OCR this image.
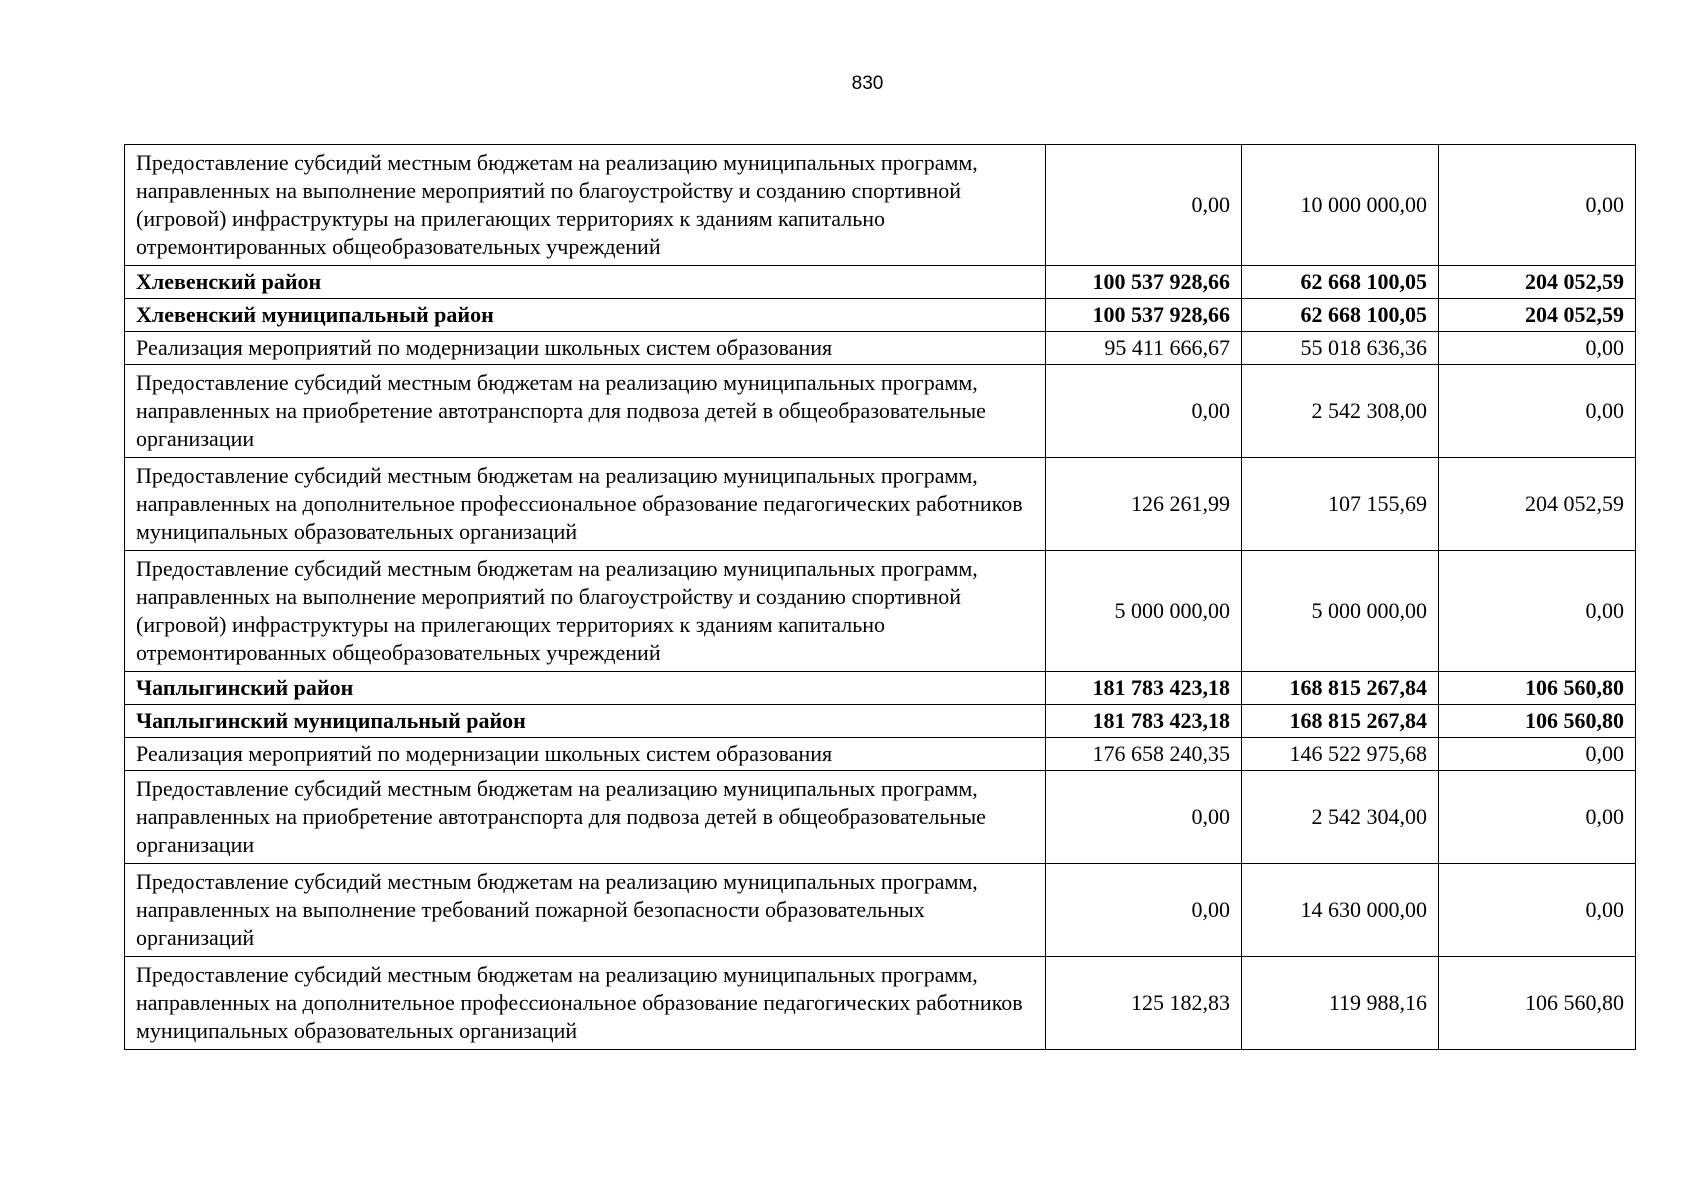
830
Предоставление субсидий местным бюджетам на реализацию муниципальных программ, направленных на выполнение мероприятий по благоустройству и созданию спортивной (игровой) инфраструктуры на прилегающих территориях к зданиям капитально отремонтированных общеобразовательных учреждений	0,00	10 000 000,00	0,00
Хлевенский район	100 537 928,66	62 668 100,05	204 052,59
Хлевенский муниципальный район	100 537 928,66	62 668 100,05	204 052,59
Реализация мероприятий по модернизации школьных систем образования	95 411 666,67	55 018 636,36	0,00
Предоставление субсидий местным бюджетам на реализацию муниципальных программ, направленных на приобретение автотранспорта для подвоза детей в общеобразовательные организации	0,00	2 542 308,00	0,00
Предоставление субсидий местным бюджетам на реализацию муниципальных программ, направленных на дополнительное профессиональное образование педагогических работников муниципальных образовательных организаций	126 261,99	107 155,69	204 052,59
Предоставление субсидий местным бюджетам на реализацию муниципальных программ, направленных на выполнение мероприятий по благоустройству и созданию спортивной (игровой) инфраструктуры на прилегающих территориях к зданиям капитально отремонтированных общеобразовательных учреждений	5 000 000,00	5 000 000,00	0,00
Чаплыгинский район	181 783 423,18	168 815 267,84	106 560,80
Чаплыгинский муниципальный район	181 783 423,18	168 815 267,84	106 560,80
Реализация мероприятий по модернизации школьных систем образования	176 658 240,35	146 522 975,68	0,00
Предоставление субсидий местным бюджетам на реализацию муниципальных программ, направленных на приобретение автотранспорта для подвоза детей в общеобразовательные организации	0,00	2 542 304,00	0,00
Предоставление субсидий местным бюджетам на реализацию муниципальных программ, направленных на выполнение требований пожарной безопасности образовательных организаций	0,00	14 630 000,00	0,00
Предоставление субсидий местным бюджетам на реализацию муниципальных программ, направленных на дополнительное профессиональное образование педагогических работников муниципальных образовательных организаций	125 182,83	119 988,16	106 560,80
